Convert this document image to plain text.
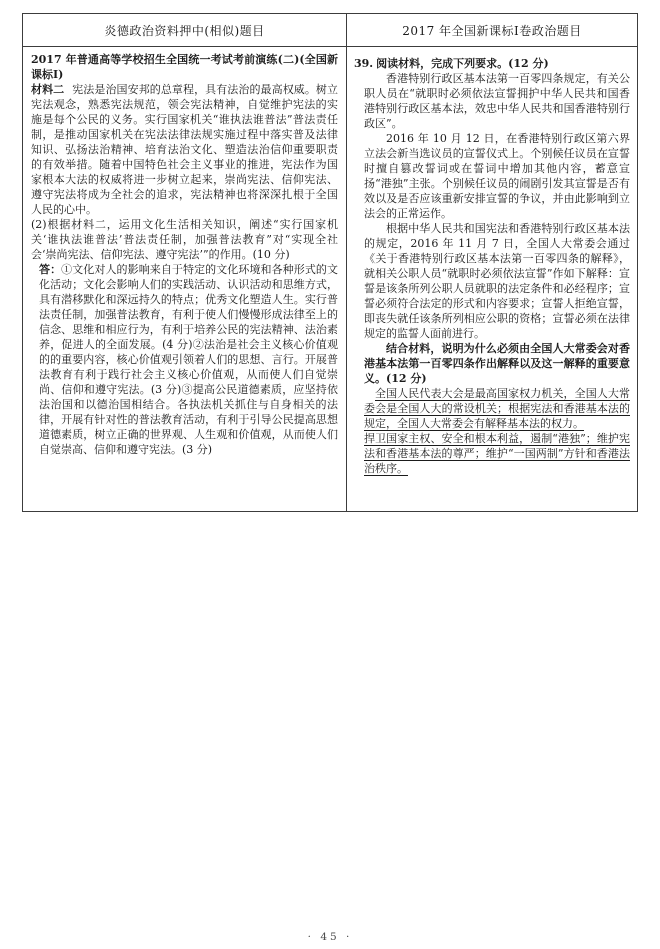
炎德政治资料押中(相似)题目	2017 年全国新课标Ⅰ卷政治题目

2017 年普通高等学校招生全国统一考试考前演练(二)(全国新课标Ⅰ)

材料二 宪法是治国安邦的总章程，具有法治的最高权威。树立宪法观念，熟悉宪法规范，领会宪法精神，自觉维护宪法的实施是每个公民的义务。实行国家机关“谁执法谁普法”普法责任制，是推动国家机关在宪法法律法规实施过程中落实普及法律知识、弘扬法治精神、培育法治文化、塑造法治信仰重要职责的有效举措。随着中国特色社会主义事业的推进，宪法作为国家根本大法的权威将进一步树立起来，崇尚宪法、信仰宪法、遵守宪法将成为全社会的追求，宪法精神也将深深扎根于全国人民的心中。

(2)根据材料二，运用文化生活相关知识，阐述“实行国家机关‘谁执法谁普法’普法责任制，加强普法教育”对“实现全社会‘崇尚宪法、信仰宪法、遵守宪法’”的作用。(10 分)

答：①文化对人的影响来自于特定的文化环境和各种形式的文化活动；文化会影响人们的实践活动、认识活动和思维方式，具有潜移默化和深远持久的特点；优秀文化塑造人生。实行普法责任制，加强普法教育，有利于使人们慢慢形成法律至上的信念、思维和相应行为，有利于培养公民的宪法精神、法治素养，促进人的全面发展。(4 分)②法治是社会主义核心价值观的的重要内容，核心价值观引领着人们的思想、言行。开展普法教育有利于践行社会主义核心价值观，从而使人们自觉崇尚、信仰和遵守宪法。(3 分)③提高公民道德素质，应坚持依法治国和以德治国相结合。各执法机关抓住与自身相关的法律，开展有针对性的普法教育活动，有利于引导公民提高思想道德素质，树立正确的世界观、人生观和价值观，从而使人们自觉崇高、信仰和遵守宪法。(3 分)

39. 阅读材料，完成下列要求。(12 分)

香港特别行政区基本法第一百零四条规定，有关公职人员在“就职时必须依法宣誓拥护中华人民共和国香港特别行政区基本法，效忠中华人民共和国香港特别行政区”。

2016 年 10 月 12 日，在香港特别行政区第六界立法会新当选议员的宣誓仪式上。个别候任议员在宣誓时擅自篡改誓词或在誓词中增加其他内容，蓄意宣扬“港独”主张。个别候任议员的闹剧引发其宣誓是否有效以及是否应该重新安排宣誓的争议，并由此影响到立法会的正常运作。

根据中华人民共和国宪法和香港特别行政区基本法的规定，2016 年 11 月 7 日，全国人大常委会通过《关于香港特别行政区基本法第一百零四条的解释》，就相关公职人员“就职时必须依法宣誓”作如下解释：宣誓是该条所列公职人员就职的法定条件和必经程序；宣誓必须符合法定的形式和内容要求；宣誓人拒绝宣誓，即丧失就任该条所列相应公职的资格；宣誓必须在法律规定的监誓人面前进行。

结合材料，说明为什么必须由全国人大常委会对香港基本法第一百零四条作出解释以及这一解释的重要意义。(12 分)

全国人民代表大会是最高国家权力机关，全国人大常委会是全国人大的常设机关；根据宪法和香港基本法的规定，全国人大常委会有解释基本法的权力。

捍卫国家主权、安全和根本利益，遏制“港独”；维护宪法和香港基本法的尊严；维护“一国两制”方针和香港法治秩序。

· 45 ·
